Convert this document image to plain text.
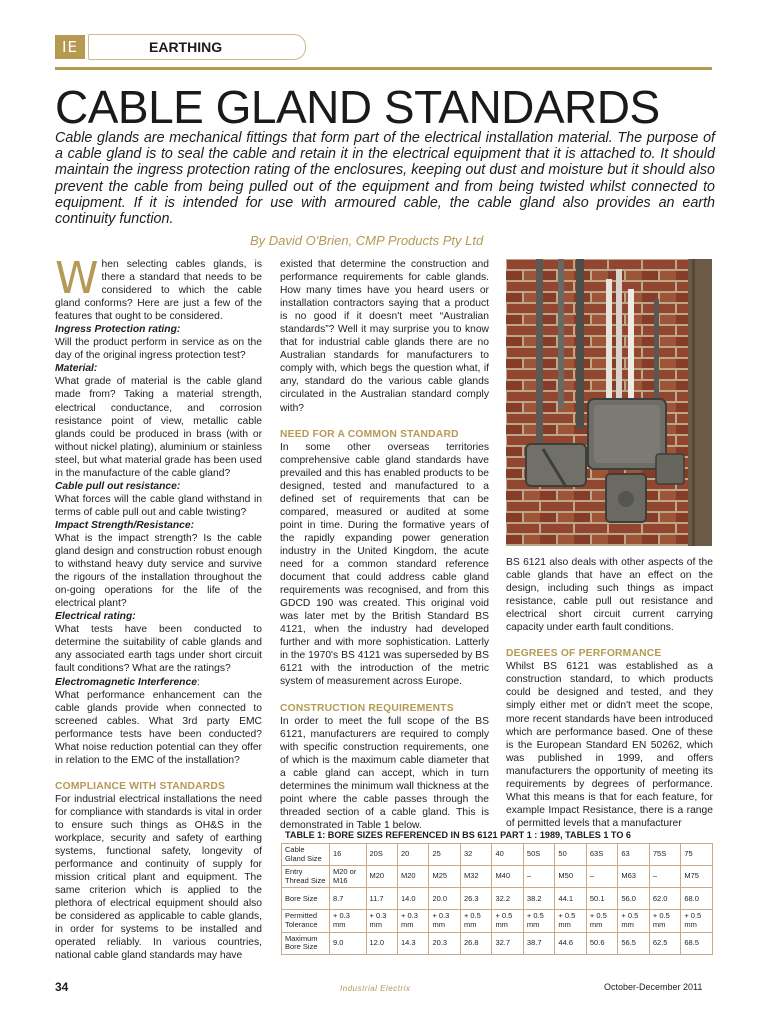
IE	EARTHING
CABLE GLAND STANDARDS

Cable glands are mechanical fittings that form part of the electrical installation material. The purpose of a cable gland is to seal the cable and retain it in the electrical equipment that it is attached to. It should maintain the ingress protection rating of the enclosures, keeping out dust and moisture but it should also prevent the cable from being pulled out of the equipment and from being twisted whilst connected to equipment. If it is intended for use with armoured cable, the cable gland also provides an earth continuity function.

By David O'Brien, CMP Products Pty Ltd

When selecting cables glands, is there a standard that needs to be considered to which the cable gland conforms? Here are just a few of the features that ought to be considered.

Ingress Protection rating:

Will the product perform in service as on the day of the original ingress protection test?

Material:

What grade of material is the cable gland made from? Taking a material strength, electrical conductance, and corrosion resistance point of view, metallic cable glands could be produced in brass (with or without nickel plating), aluminium or stainless steel, but what material grade has been used in the manufacture of the cable gland?

Cable pull out resistance:

What forces will the cable gland withstand in terms of cable pull out and cable twisting?

Impact Strength/Resistance:

What is the impact strength? Is the cable gland design and construction robust enough to withstand heavy duty service and survive the rigours of the installation throughout the on-going operations for the life of the electrical plant?

Electrical rating:

What tests have been conducted to determine the suitability of cable glands and any associated earth tags under short circuit fault conditions? What are the ratings?

Electromagnetic Interference:

What performance enhancement can the cable glands provide when connected to screened cables. What 3rd party EMC performance tests have been conducted? What noise reduction potential can they offer in relation to the EMC of the installation?

COMPLIANCE WITH STANDARDS

For industrial electrical installations the need for compliance with standards is vital in order to ensure such things as OH&S in the workplace, security and safety of earthing systems, functional safety, longevity of performance and continuity of supply for mission critical plant and equipment. The same criterion which is applied to the plethora of electrical equipment should also be considered as applicable to cable glands, in order for systems to be installed and operated reliably. In various countries, national cable gland standards may have

existed that determine the construction and performance requirements for cable glands. How many times have you heard users or installation contractors saying that a product is no good if it doesn't meet “Australian standards”? Well it may surprise you to know that for industrial cable glands there are no Australian standards for manufacturers to comply with, which begs the question what, if any, standard do the various cable glands circulated in the Australian standard comply with?

NEED FOR A COMMON STANDARD

In some other overseas territories comprehensive cable gland standards have prevailed and this has enabled products to be designed, tested and manufactured to a defined set of requirements that can be compared, measured or audited at some point in time. During the formative years of the rapidly expanding power generation industry in the United Kingdom, the acute need for a common standard reference document that could address cable gland requirements was recognised, and from this GDCD 190 was created. This original void was later met by the British Standard BS 4121, when the industry had developed further and with more sophistication. Latterly in the 1970's BS 4121 was superseded by BS 6121 with the introduction of the metric system of measurement across Europe.

CONSTRUCTION REQUIREMENTS

In order to meet the full scope of the BS 6121, manufacturers are required to comply with specific construction requirements, one of which is the maximum cable diameter that a cable gland can accept, which in turn determines the minimum wall thickness at the point where the cable passes through the threaded section of a cable gland. This is demonstrated in Table 1 below.

BS 6121 also deals with other aspects of the cable glands that have an effect on the design, including such things as impact resistance, cable pull out resistance and electrical short circuit current carrying capacity under earth fault conditions.

DEGREES OF PERFORMANCE

Whilst BS 6121 was established as a construction standard, to which products could be designed and tested, and they simply either met or didn't meet the scope, more recent standards have been introduced which are performance based. One of these is the European Standard EN 50262, which was published in 1999, and offers manufacturers the opportunity of meeting its requirements by degrees of performance. What this means is that for each feature, for example Impact Resistance, there is a range of permitted levels that a manufacturer

TABLE 1: BORE SIZES REFERENCED IN BS 6121 PART 1 : 1989, TABLES 1 TO 6

Cable Gland Size	16	20S	20	25	32	40	50S	50	63S	63	75S	75
Entry Thread Size	M20 or M16	M20	M20	M25	M32	M40	–	M50	–	M63	–	M75
Bore Size	8.7	11.7	14.0	20.0	26.3	32.2	38.2	44.1	50.1	56.0	62.0	68.0
Permitted Tolerance	+ 0.3 mm	+ 0.3 mm	+ 0.3 mm	+ 0.3 mm	+ 0.5 mm	+ 0.5 mm	+ 0.5 mm	+ 0.5 mm	+ 0.5 mm	+ 0.5 mm	+ 0.5 mm	+ 0.5 mm
Maximum Bore Size	9.0	12.0	14.3	20.3	26.8	32.7	38.7	44.6	50.6	56.5	62.5	68.5
34	Industrial Electrix	October-December 2011
